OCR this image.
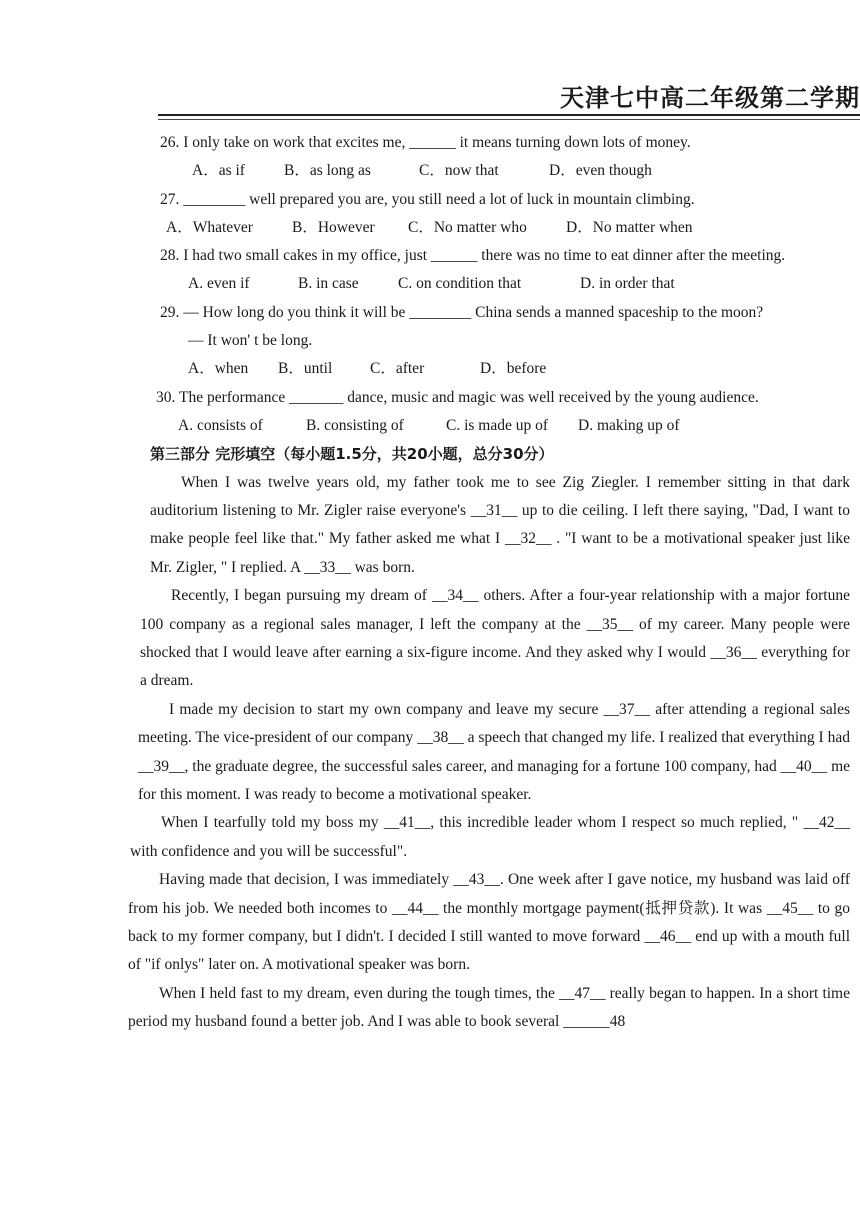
天津七中高二年级第二学期
26. I only take on work that excites me, ______ it means turning down lots of money.
A．as if	B．as long as	C．now that	D．even though
27. ________ well prepared you are, you still need a lot of luck in mountain climbing.
A．Whatever	B．However C．No matter who	D．No matter when
28. I had two small cakes in my office, just ______ there was no time to eat dinner after the meeting.
A. even if	B. in case	C. on condition that	D. in order that
29. — How long do you think it will be ________ China sends a manned spaceship to the moon?
— It won' t be long.
A．when B．until C．after	D．before
30. The performance _______ dance, music and magic was well received by the young audience.
A. consists of	B. consisting of	C. is made up of D. making up of
第三部分 完形填空（每小题1.5分，共20小题，总分30分）

When I was twelve years old, my father took me to see Zig Ziegler. I remember sitting in that dark auditorium listening to Mr. Zigler raise everyone's __31__ up to die ceiling. I left there saying, "Dad, I want to make people feel like that." My father asked me what I __32__ . "I want to be a motivational speaker just like Mr. Zigler, " I replied. A __33__ was born.

Recently, I began pursuing my dream of __34__ others. After a four-year relationship with a major fortune 100 company as a regional sales manager, I left the company at the __35__ of my career. Many people were shocked that I would leave after earning a six-figure income. And they asked why I would __36__ everything for a dream.

I made my decision to start my own company and leave my secure __37__ after attending a regional sales meeting. The vice-president of our company __38__ a speech that changed my life. I realized that everything I had __39__, the graduate degree, the successful sales career, and managing for a fortune 100 company, had __40__ me for this moment. I was ready to become a motivational speaker.

When I tearfully told my boss my __41__, this incredible leader whom I respect so much replied, " __42__ with confidence and you will be successful".

Having made that decision, I was immediately __43__. One week after I gave notice, my husband was laid off from his job. We needed both incomes to __44__ the monthly mortgage payment(抵押贷款). It was __45__ to go back to my former company, but I didn't. I decided I still wanted to move forward __46__ end up with a mouth full of "if onlys" later on. A motivational speaker was born.

When I held fast to my dream, even during the tough times, the __47__ really began to happen. In a short time period my husband found a better job. And I was able to book several ______48
